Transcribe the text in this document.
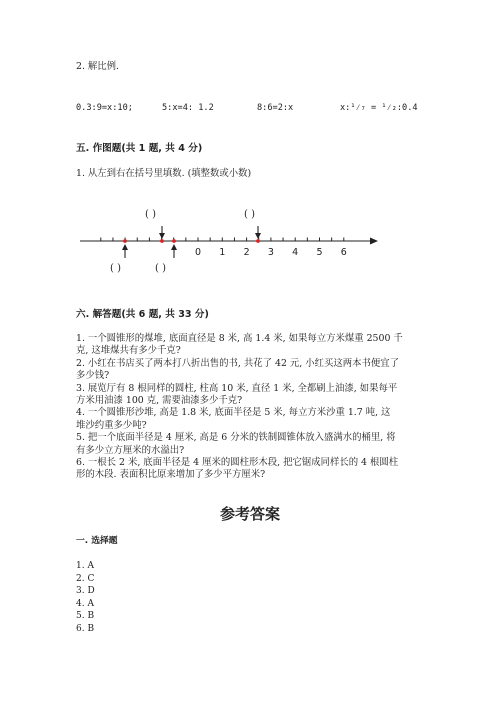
2. 解比例.
0.3:9=x:10;	5:x=4: 1.2	8:6=2:x	x:¹⁄₇ = ¹⁄₂:0.4
五. 作图题(共 1 题, 共 4 分)
1. 从左到右在括号里填数. (填整数或小数)
( )	( )
( )	( )
0 1 2 3 4 5 6
六. 解答题(共 6 题, 共 33 分)

1. 一个圆锥形的煤堆, 底面直径是 8 米, 高 1.4 米, 如果每立方米煤重 2500 千

克, 这堆煤共有多少千克?

2. 小红在书店买了两本打八折出售的书, 共花了 42 元, 小红买这两本书便宜了

多少钱?

3. 展览厅有 8 根同样的圆柱, 柱高 10 米, 直径 1 米, 全都刷上油漆, 如果每平

方米用油漆 100 克, 需要油漆多少千克?

4. 一个圆锥形沙堆, 高是 1.8 米, 底面半径是 5 米, 每立方米沙重 1.7 吨, 这

堆沙约重多少吨?

5. 把一个底面半径是 4 厘米, 高是 6 分米的铁制圆锥体放入盛满水的桶里, 将

有多少立方厘米的水溢出?

6. 一根长 2 米, 底面半径是 4 厘米的圆柱形木段, 把它锯成同样长的 4 根圆柱

形的木段. 表面积比原来增加了多少平方厘米?

参考答案
一. 选择题
1. A
2. C
3. D
4. A
5. B
6. B
